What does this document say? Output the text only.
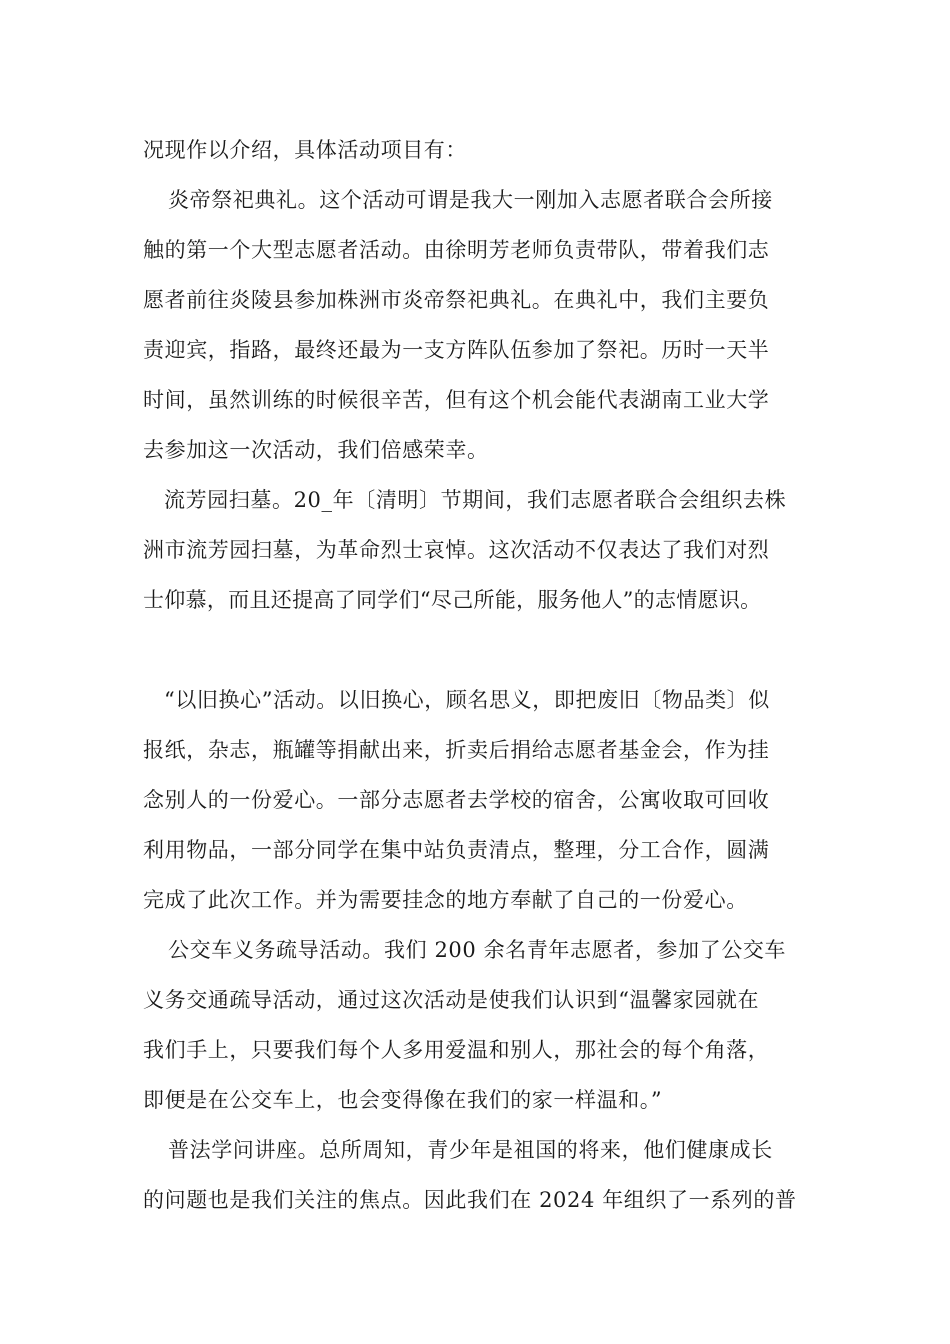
况现作以介绍，具体活动项目有：
炎帝祭祀典礼。这个活动可谓是我大一刚加入志愿者联合会所接
触的第一个大型志愿者活动。由徐明芳老师负责带队，带着我们志
愿者前往炎陵县参加株洲市炎帝祭祀典礼。在典礼中，我们主要负
责迎宾，指路，最终还最为一支方阵队伍参加了祭祀。历时一天半
时间，虽然训练的时候很辛苦，但有这个机会能代表湖南工业大学
去参加这一次活动，我们倍感荣幸。
流芳园扫墓。20_年〔清明〕节期间，我们志愿者联合会组织去株
洲市流芳园扫墓，为革命烈士哀悼。这次活动不仅表达了我们对烈
士仰慕，而且还提高了同学们“尽己所能，服务他人”的志情愿识。
“以旧换心”活动。以旧换心，顾名思义，即把废旧〔物品类〕似
报纸，杂志，瓶罐等捐献出来，折卖后捐给志愿者基金会，作为挂
念别人的一份爱心。一部分志愿者去学校的宿舍，公寓收取可回收
利用物品，一部分同学在集中站负责清点，整理，分工合作，圆满
完成了此次工作。并为需要挂念的地方奉献了自己的一份爱心。
公交车义务疏导活动。我们 200 余名青年志愿者，参加了公交车
义务交通疏导活动，通过这次活动是使我们认识到“温馨家园就在
我们手上，只要我们每个人多用爱温和别人，那社会的每个角落，
即便是在公交车上，也会变得像在我们的家一样温和。”
普法学问讲座。总所周知，青少年是祖国的将来，他们健康成长
的问题也是我们关注的焦点。因此我们在 2024 年组织了一系列的普
